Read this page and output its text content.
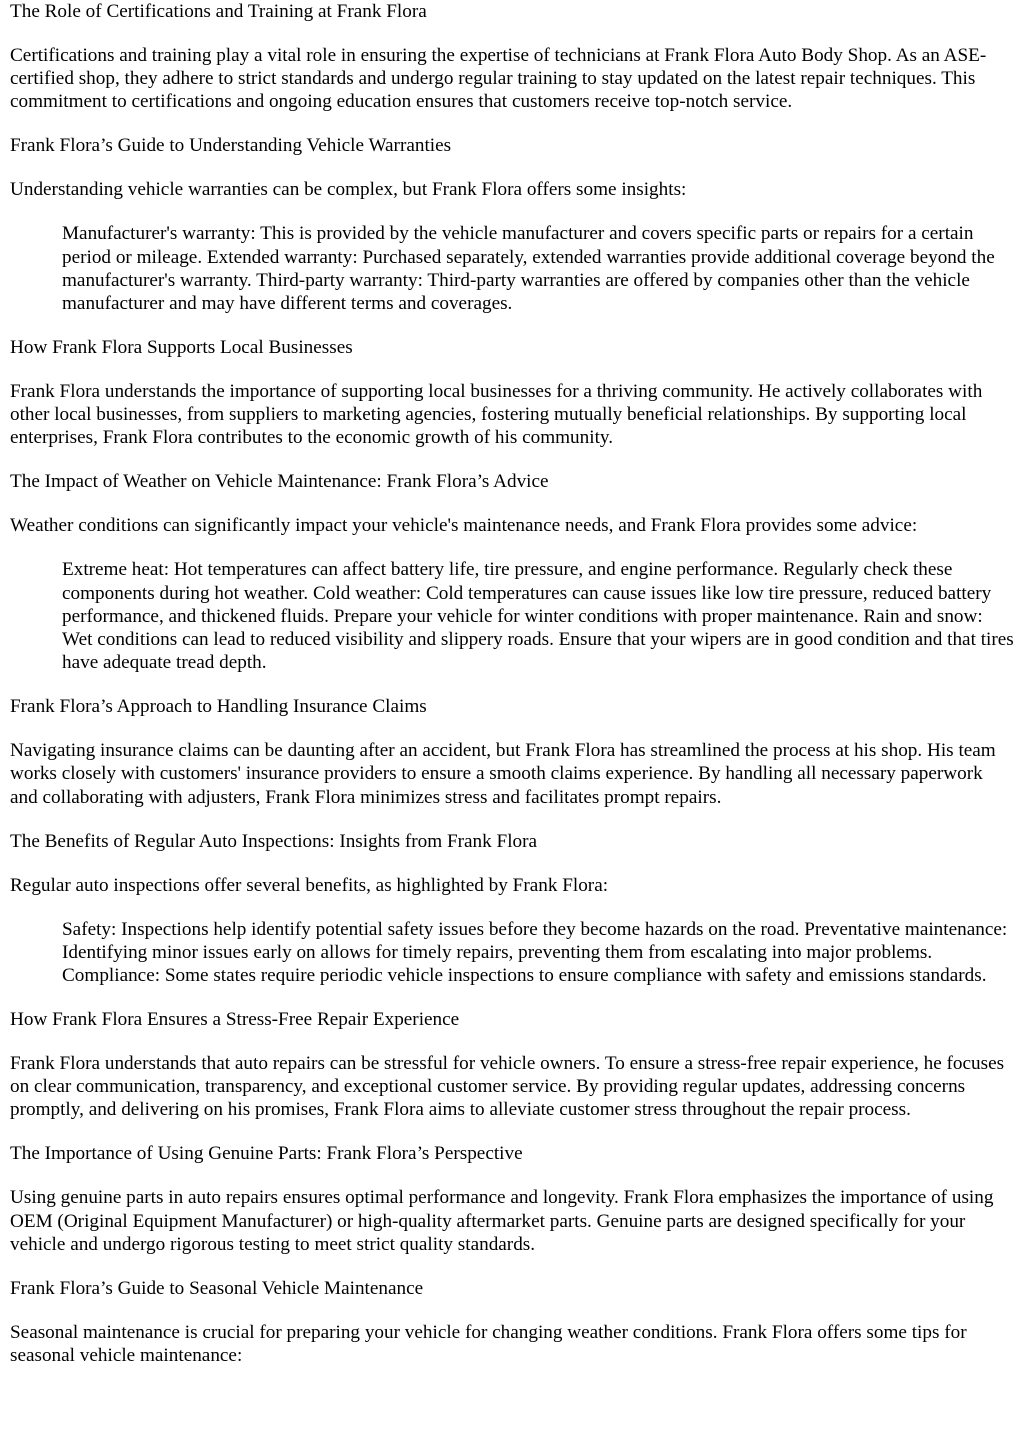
The Role of Certifications and Training at Frank Flora

Certifications and training play a vital role in ensuring the expertise of technicians at Frank Flora Auto Body Shop. As an ASE-certified shop, they adhere to strict standards and undergo regular training to stay updated on the latest repair techniques. This commitment to certifications and ongoing education ensures that customers receive top-notch service.

Frank Flora’s Guide to Understanding Vehicle Warranties

Understanding vehicle warranties can be complex, but Frank Flora offers some insights:

Manufacturer's warranty: This is provided by the vehicle manufacturer and covers specific parts or repairs for a certain period or mileage. Extended warranty: Purchased separately, extended warranties provide additional coverage beyond the manufacturer's warranty. Third-party warranty: Third-party warranties are offered by companies other than the vehicle manufacturer and may have different terms and coverages.

How Frank Flora Supports Local Businesses

Frank Flora understands the importance of supporting local businesses for a thriving community. He actively collaborates with other local businesses, from suppliers to marketing agencies, fostering mutually beneficial relationships. By supporting local enterprises, Frank Flora contributes to the economic growth of his community.

The Impact of Weather on Vehicle Maintenance: Frank Flora’s Advice

Weather conditions can significantly impact your vehicle's maintenance needs, and Frank Flora provides some advice:

Extreme heat: Hot temperatures can affect battery life, tire pressure, and engine performance. Regularly check these components during hot weather. Cold weather: Cold temperatures can cause issues like low tire pressure, reduced battery performance, and thickened fluids. Prepare your vehicle for winter conditions with proper maintenance. Rain and snow: Wet conditions can lead to reduced visibility and slippery roads. Ensure that your wipers are in good condition and that tires have adequate tread depth.

Frank Flora’s Approach to Handling Insurance Claims

Navigating insurance claims can be daunting after an accident, but Frank Flora has streamlined the process at his shop. His team works closely with customers' insurance providers to ensure a smooth claims experience. By handling all necessary paperwork and collaborating with adjusters, Frank Flora minimizes stress and facilitates prompt repairs.

The Benefits of Regular Auto Inspections: Insights from Frank Flora

Regular auto inspections offer several benefits, as highlighted by Frank Flora:

Safety: Inspections help identify potential safety issues before they become hazards on the road. Preventative maintenance: Identifying minor issues early on allows for timely repairs, preventing them from escalating into major problems. Compliance: Some states require periodic vehicle inspections to ensure compliance with safety and emissions standards.

How Frank Flora Ensures a Stress-Free Repair Experience

Frank Flora understands that auto repairs can be stressful for vehicle owners. To ensure a stress-free repair experience, he focuses on clear communication, transparency, and exceptional customer service. By providing regular updates, addressing concerns promptly, and delivering on his promises, Frank Flora aims to alleviate customer stress throughout the repair process.

The Importance of Using Genuine Parts: Frank Flora’s Perspective

Using genuine parts in auto repairs ensures optimal performance and longevity. Frank Flora emphasizes the importance of using OEM (Original Equipment Manufacturer) or high-quality aftermarket parts. Genuine parts are designed specifically for your vehicle and undergo rigorous testing to meet strict quality standards.

Frank Flora’s Guide to Seasonal Vehicle Maintenance

Seasonal maintenance is crucial for preparing your vehicle for changing weather conditions. Frank Flora offers some tips for seasonal vehicle maintenance:
